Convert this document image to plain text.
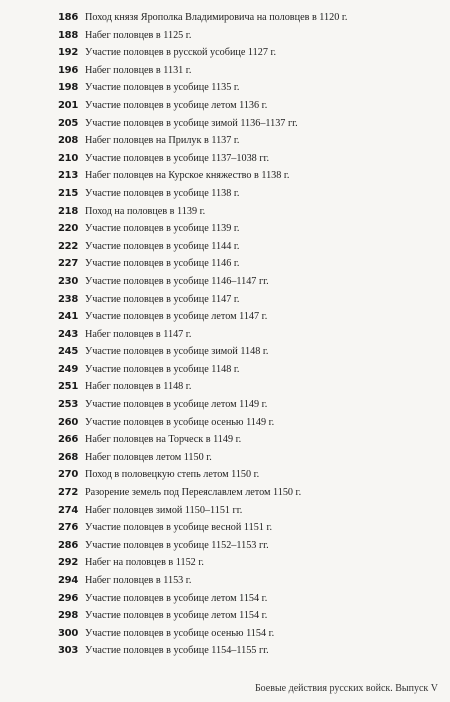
186 Поход князя Ярополка Владимировича на половцев в 1120 г.
188 Набег половцев в 1125 г.
192 Участие половцев в русской усобице 1127 г.
196 Набег половцев в 1131 г.
198 Участие половцев в усобице 1135 г.
201 Участие половцев в усобице летом 1136 г.
205 Участие половцев в усобице зимой 1136–1137 гг.
208 Набег половцев на Прилук в 1137 г.
210 Участие половцев в усобице 1137–1038 гг.
213 Набег половцев на Курское княжество в 1138 г.
215 Участие половцев в усобице 1138 г.
218 Поход на половцев в 1139 г.
220 Участие половцев в усобице 1139 г.
222 Участие половцев в усобице 1144 г.
227 Участие половцев в усобице 1146 г.
230 Участие половцев в усобице 1146–1147 гг.
238 Участие половцев в усобице 1147 г.
241 Участие половцев в усобице летом 1147 г.
243 Набег половцев в 1147 г.
245 Участие половцев в усобице зимой 1148 г.
249 Участие половцев в усобице 1148 г.
251 Набег половцев в 1148 г.
253 Участие половцев в усобице летом 1149 г.
260 Участие половцев в усобице осенью 1149 г.
266 Набег половцев на Торческ в 1149 г.
268 Набег половцев летом 1150 г.
270 Поход в половецкую степь летом 1150 г.
272 Разорение земель под Переяславлем летом 1150 г.
274 Набег половцев зимой 1150–1151 гг.
276 Участие половцев в усобице весной 1151 г.
286 Участие половцев в усобице 1152–1153 гг.
292 Набег на половцев в 1152 г.
294 Набег половцев в 1153 г.
296 Участие половцев в усобице летом 1154 г.
298 Участие половцев в усобице летом 1154 г.
300 Участие половцев в усобице осенью 1154 г.
303 Участие половцев в усобице 1154–1155 гг.
Боевые действия русских войск. Выпуск V
